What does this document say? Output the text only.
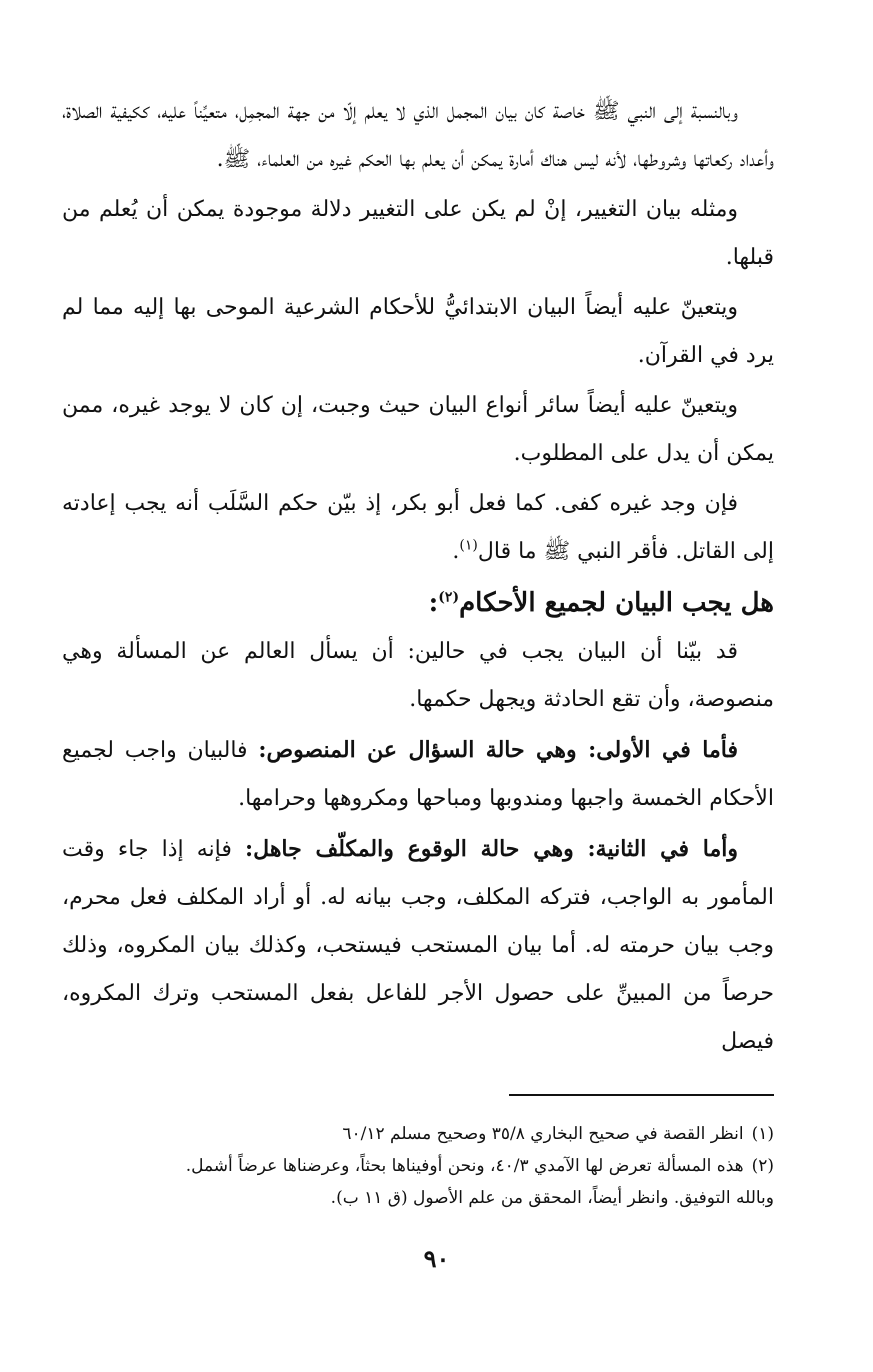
وبالنسبة إلى النبي ﷺ خاصة كان بيان المجمل الذي لا يعلم إلّا من جهة المجمِل، متعيِّناً عليه، ككيفية الصلاة، وأعداد ركعاتها وشروطها، لأنه ليس هناك أمارة يمكن أن يعلم بها الحكم غيره من العلماء، ﷺ.

ومثله بيان التغيير، إنْ لم يكن على التغيير دلالة موجودة يمكن أن يُعلم من قبلها.

ويتعينّ عليه أيضاً البيان الابتدائيُّ للأحكام الشرعية الموحى بها إليه مما لم يرد في القرآن.

ويتعينّ عليه أيضاً سائر أنواع البيان حيث وجبت، إن كان لا يوجد غيره، ممن يمكن أن يدل على المطلوب.

فإن وجد غيره كفى. كما فعل أبو بكر، إذ بيّن حكم السَّلَب أنه يجب إعادته إلى القاتل. فأقر النبي ﷺ ما قال$^{(١)}$.

هل يجب البيان لجميع الأحكام$^{(٢)}$:

قد بيّنا أن البيان يجب في حالين: أن يسأل العالم عن المسألة وهي منصوصة، وأن تقع الحادثة ويجهل حكمها.

فأما في الأولى: وهي حالة السؤال عن المنصوص: فالبيان واجب لجميع الأحكام الخمسة واجبها ومندوبها ومباحها ومكروهها وحرامها.

وأما في الثانية: وهي حالة الوقوع والمكلّف جاهل: فإنه إذا جاء وقت المأمور به الواجب، فتركه المكلف، وجب بيانه له. أو أراد المكلف فعل محرم، وجب بيان حرمته له. أما بيان المستحب فيستحب، وكذلك بيان المكروه، وذلك حرصاً من المبينِّ على حصول الأجر للفاعل بفعل المستحب وترك المكروه، فيصل

(١)انظر القصة في صحيح البخاري ٣٥/٨ وصحيح مسلم ٦٠/١٢

(٢)هذه المسألة تعرض لها الآمدي ٤٠/٣، ونحن أوفيناها بحثاً، وعرضناها عرضاً أشمل.

وبالله التوفيق. وانظر أيضاً، المحقق من علم الأصول (ق ١١ ب).

٩٠
